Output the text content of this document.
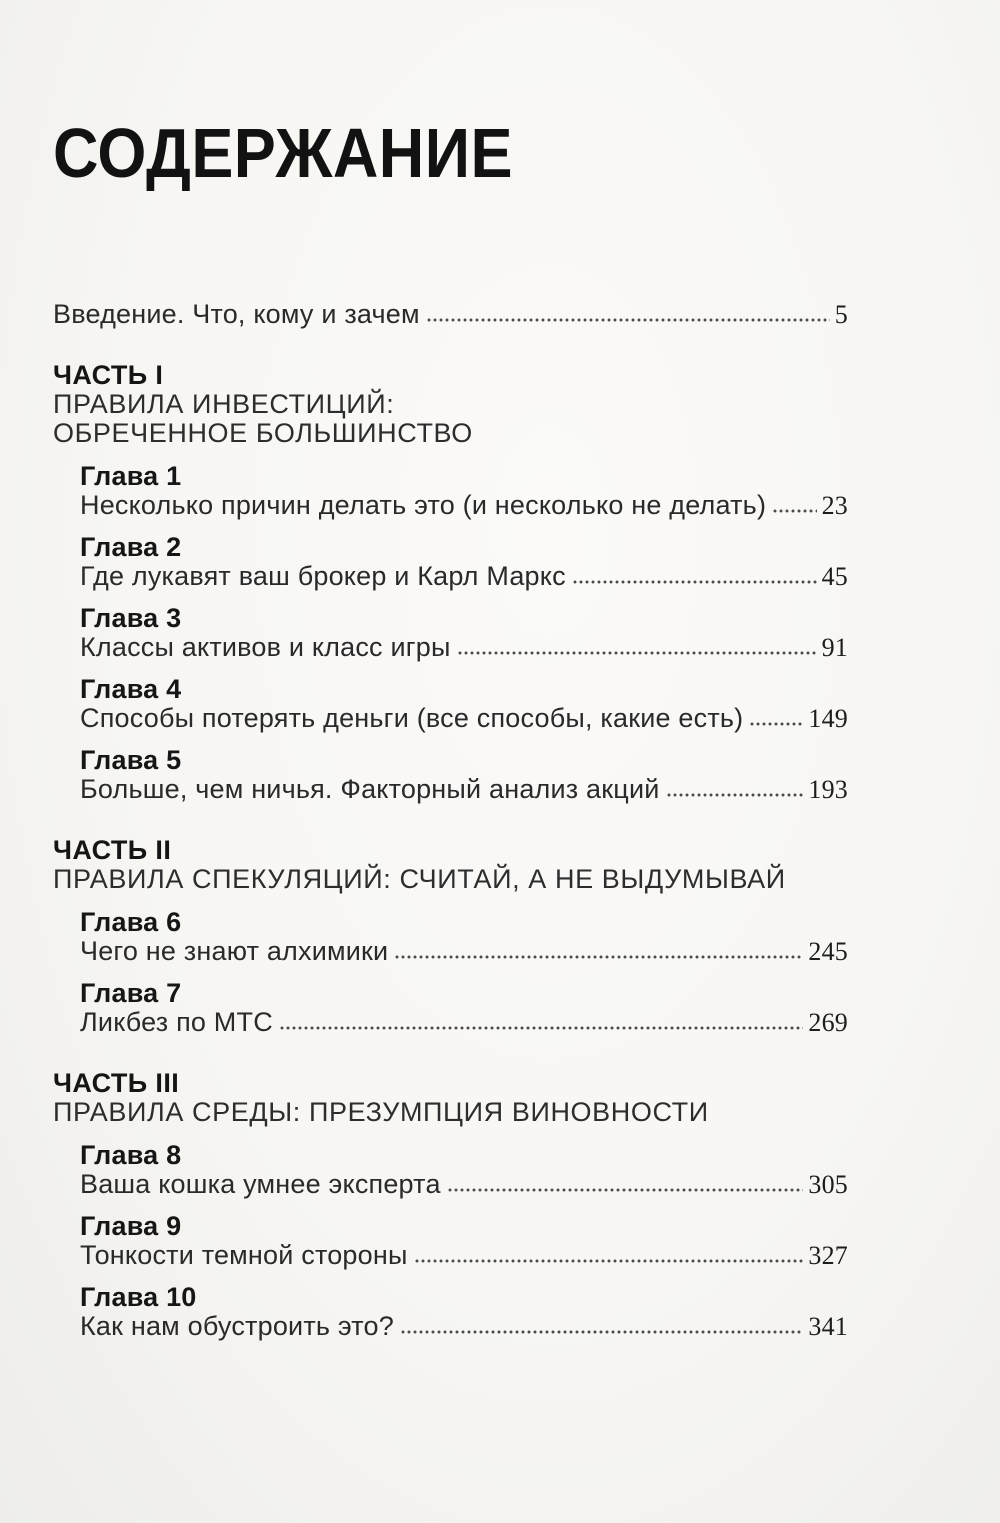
СОДЕРЖАНИЕ
Введение. Что, кому и зачем	5
ЧАСТЬ I
ПРАВИЛА ИНВЕСТИЦИЙ:
ОБРЕЧЕННОЕ БОЛЬШИНСТВО
Глава 1
Несколько причин делать это (и несколько не делать) 23
Глава 2
Где лукавят ваш брокер и Карл Маркс	45
Глава 3
Классы активов и класс игры	91
Глава 4
Способы потерять деньги (все способы, какие есть)	149
Глава 5
Больше, чем ничья. Факторный анализ акций	193
ЧАСТЬ II
ПРАВИЛА СПЕКУЛЯЦИЙ: СЧИТАЙ, А НЕ ВЫДУМЫВАЙ
Глава 6
Чего не знают алхимики	245
Глава 7
Ликбез по МТС	269
ЧАСТЬ III
ПРАВИЛА СРЕДЫ: ПРЕЗУМПЦИЯ ВИНОВНОСТИ
Глава 8
Ваша кошка умнее эксперта	305
Глава 9
Тонкости темной стороны	327
Глава 10
Как нам обустроить это?	341
